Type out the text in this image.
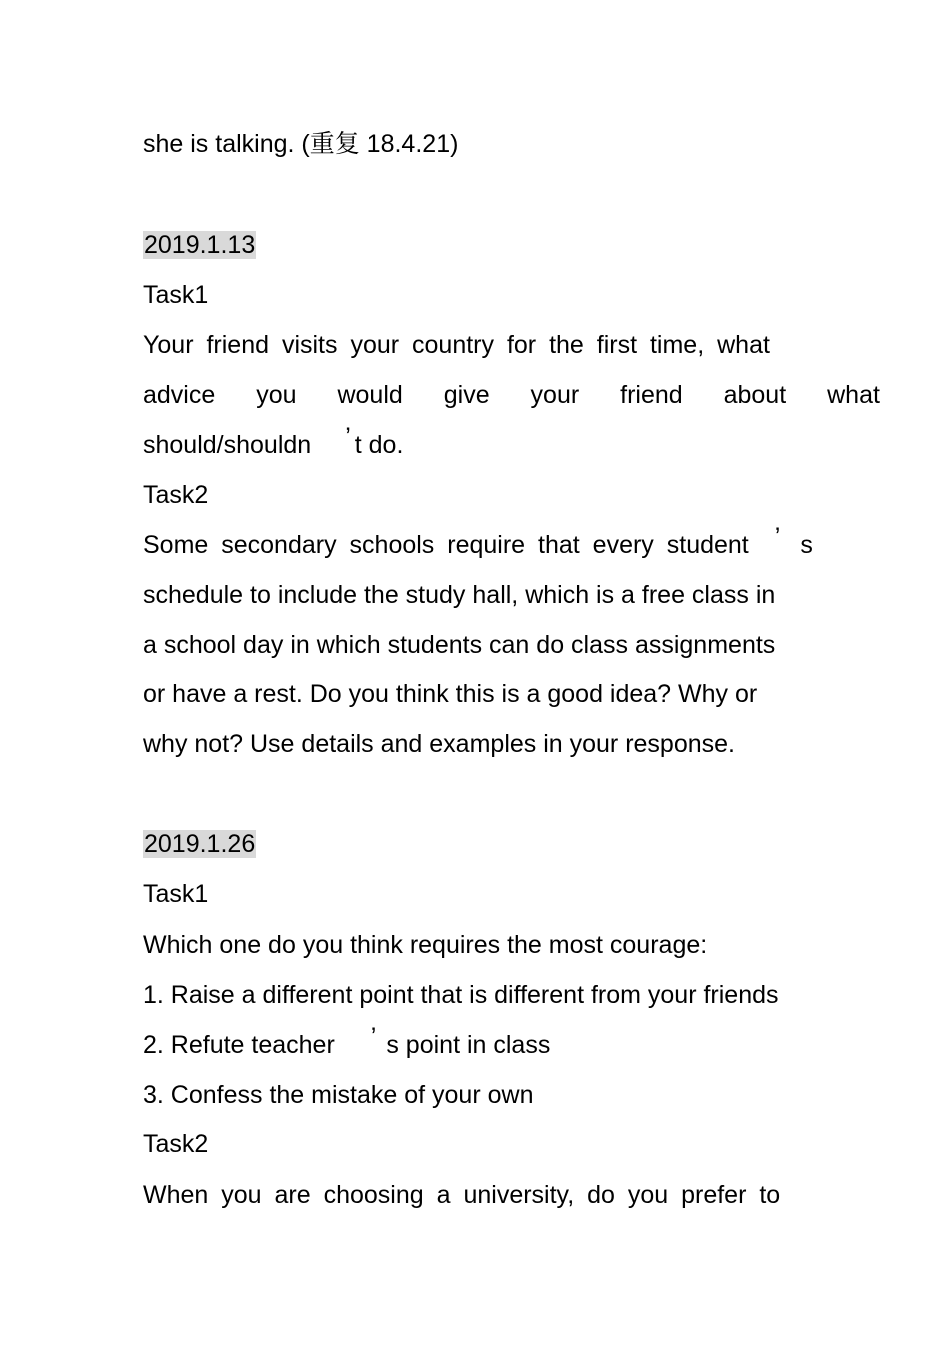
she is talking. (重复 18.4.21)
2019.1.13
Task1
Your friend visits your country for the first time, what
advice you would give your friend about what
should/shouldn ’ t do.
Task2
Some secondary schools require that every student ’ s
schedule to include the study hall, which is a free class in
a school day in which students can do class assignments
or have a rest. Do you think this is a good idea? Why or
why not? Use details and examples in your response.
2019.1.26
Task1
Which one do you think requires the most courage:
1. Raise a different point that is different from your friends
2. Refute teacher ’ s point in class
3. Confess the mistake of your own
Task2
When you are choosing a university, do you prefer to
